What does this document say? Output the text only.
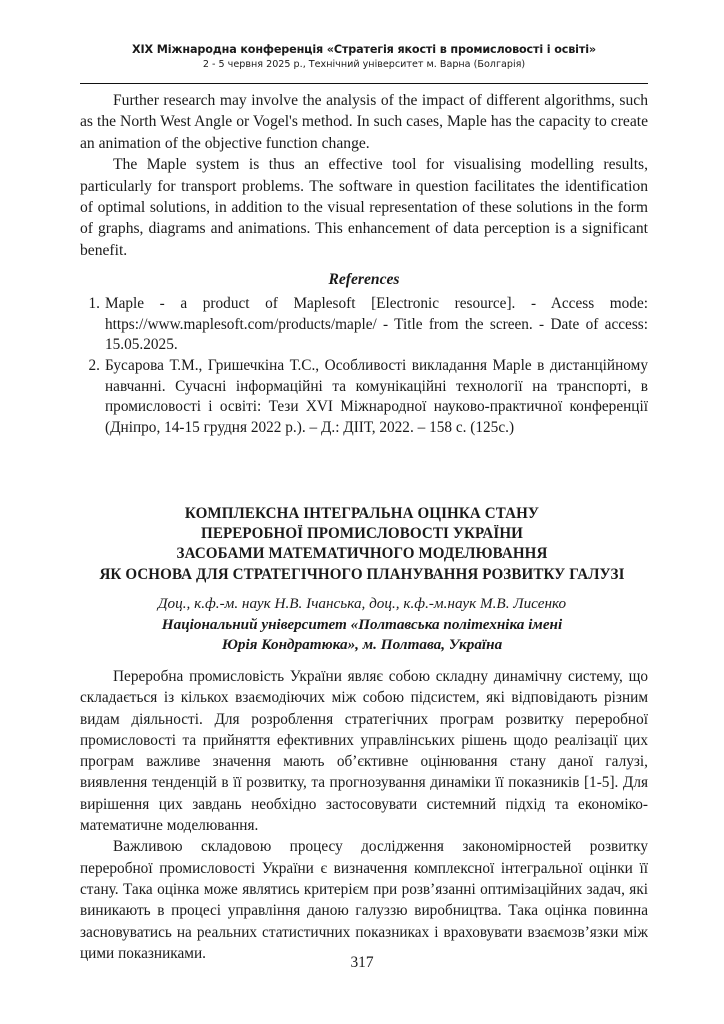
XIX Міжнародна конференція «Стратегія якості в промисловості і освіті»
2 - 5 червня 2025 р., Технічний університет м. Варна (Болгарія)

Further research may involve the analysis of the impact of different algorithms, such as the North West Angle or Vogel's method. In such cases, Maple has the capacity to create an animation of the objective function change.

The Maple system is thus an effective tool for visualising modelling results, particularly for transport problems. The software in question facilitates the identification of optimal solutions, in addition to the visual representation of these solutions in the form of graphs, diagrams and animations. This enhancement of data perception is a significant benefit.

References
1. Maple - a product of Maplesoft [Electronic resource]. - Access mode: https://www.maplesoft.com/products/maple/ - Title from the screen. - Date of access: 15.05.2025.
2. Бусарова Т.М., Гришечкіна Т.С., Особливості викладання Maple в дистанційному навчанні. Сучасні інформаційні та комунікаційні технології на транспорті, в промисловості і освіті: Тези XVI Міжнародної науково-практичної конференції (Дніпро, 14-15 грудня 2022 р.). – Д.: ДІІТ, 2022. – 158 с. (125с.)
КОМПЛЕКСНА ІНТЕГРАЛЬНА ОЦІНКА СТАНУ
ПЕРЕРОБНОЇ ПРОМИСЛОВОСТІ УКРАЇНИ
ЗАСОБАМИ МАТЕМАТИЧНОГО МОДЕЛЮВАННЯ
ЯК ОСНОВА ДЛЯ СТРАТЕГІЧНОГО ПЛАНУВАННЯ РОЗВИТКУ ГАЛУЗІ
Доц., к.ф.-м. наук Н.В. Ічанська, доц., к.ф.-м.наук М.В. Лисенко
Національний університет «Полтавська політехніка імені
Юрія Кондратюка», м. Полтава, Україна

Переробна промисловість України являє собою складну динамічну систему, що складається із кількох взаємодіючих між собою підсистем, які відповідають різним видам діяльності. Для розроблення стратегічних програм розвитку переробної промисловості та прийняття ефективних управлінських рішень щодо реалізації цих програм важливе значення мають об’єктивне оцінювання стану даної галузі, виявлення тенденцій в її розвитку, та прогнозування динаміки її показників [1-5]. Для вирішення цих завдань необхідно застосовувати системний підхід та економіко-математичне моделювання.

Важливою складовою процесу дослідження закономірностей розвитку переробної промисловості України є визначення комплексної інтегральної оцінки її стану. Така оцінка може являтись критерієм при розв’язанні оптимізаційних задач, які виникають в процесі управління даною галуззю виробництва. Така оцінка повинна засновуватись на реальних статистичних показниках і враховувати взаємозв’язки між цими показниками.

317
